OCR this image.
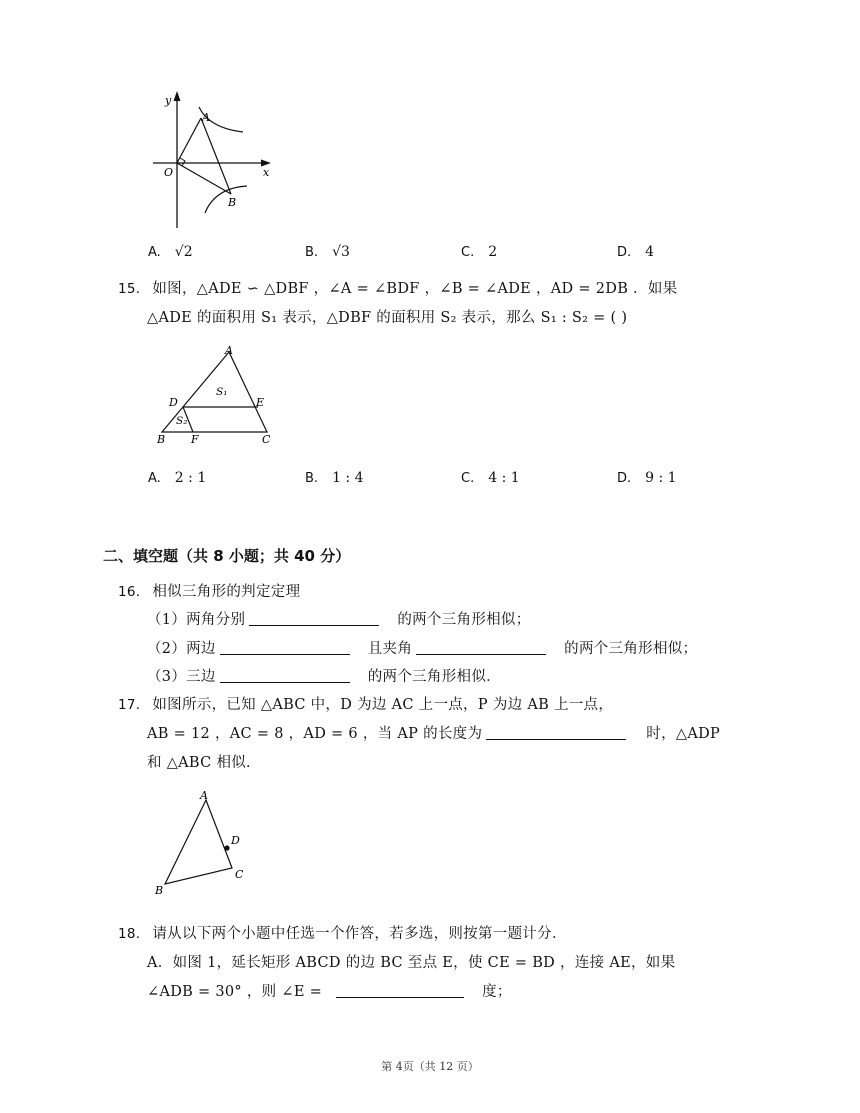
y
A
O	x
B
A. √2	B. √3	C. 2	D. 4
15. 如图，△ADE ∽ △DBF ，∠A = ∠BDF ，∠B = ∠ADE ，AD = 2DB ．如果
△ADE 的面积用 S₁ 表示，△DBF 的面积用 S₂ 表示，那么 S₁ : S₂ = ( )
A
S₁
D	E
S₂
B F	C
A. 2 : 1	B. 1 : 4	C. 4 : 1	D. 9 : 1
二、填空题（共 8 小题；共 40 分）
16. 相似三角形的判定定理
（1）两角分别	的两个三角形相似；
（2）两边	且夹角	的两个三角形相似；
（3）三边	的两个三角形相似．
17. 如图所示，已知 △ABC 中，D 为边 AC 上一点，P 为边 AB 上一点，
AB = 12 ，AC = 8 ，AD = 6 ，当 AP 的长度为	时，△ADP
和 △ABC 相似．
A
D
B
C
18. 请从以下两个小题中任选一个作答，若多选，则按第一题计分．
A．如图 1，延长矩形 ABCD 的边 BC 至点 E，使 CE = BD ，连接 AE，如果
∠ADB = 30° ，则 ∠E =	度；
第 4页（共 12 页）
